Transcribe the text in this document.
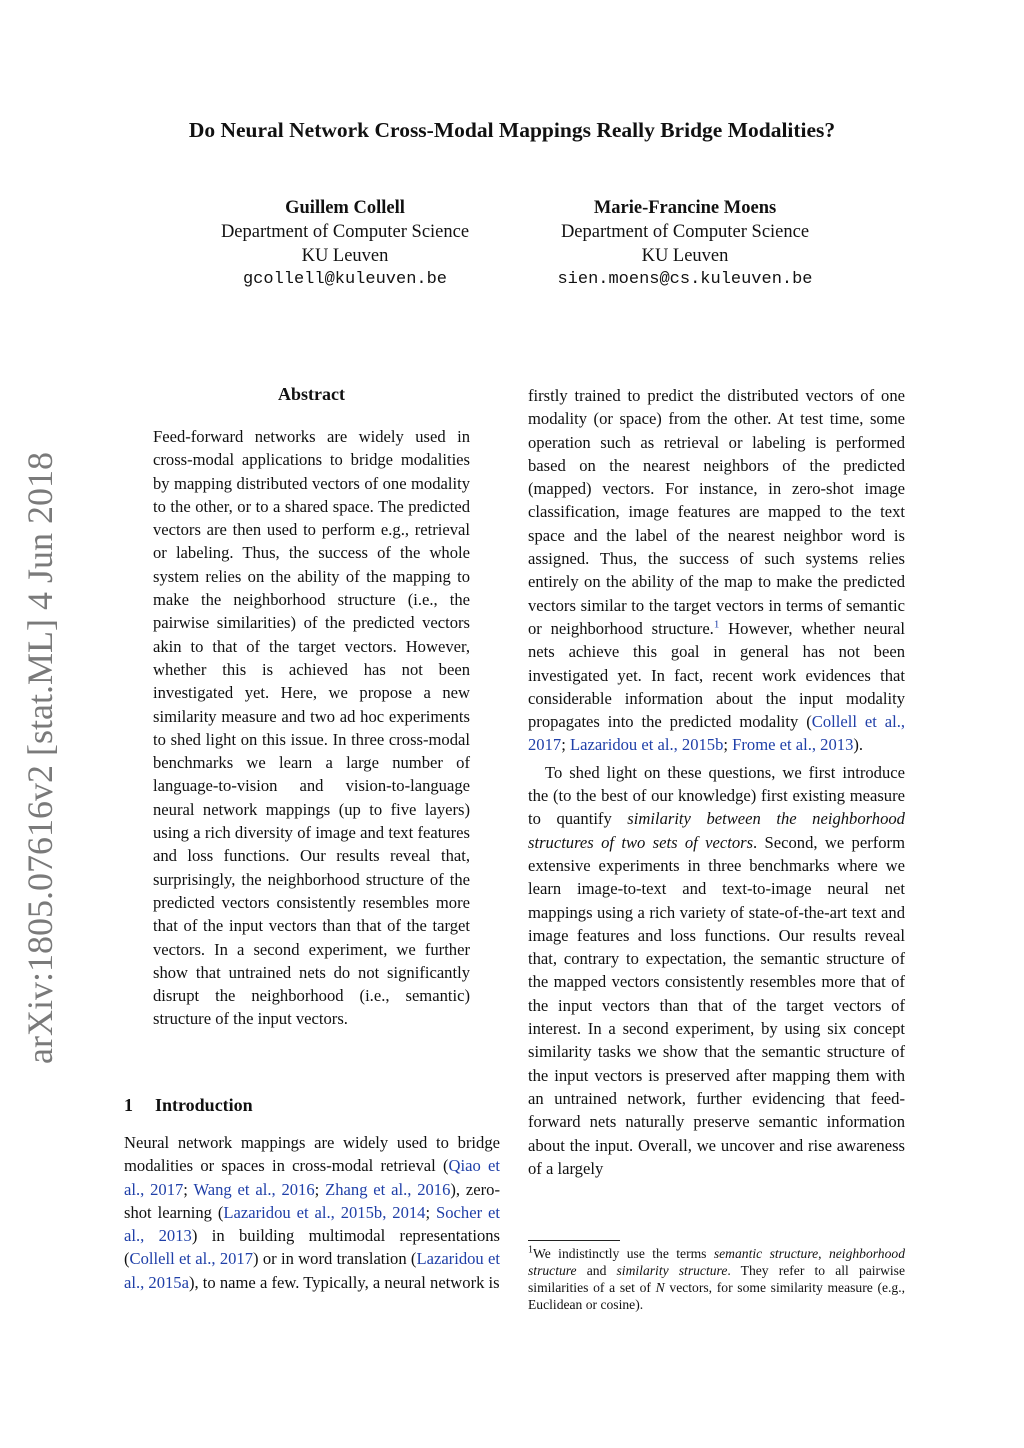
arXiv:1805.07616v2 [stat.ML] 4 Jun 2018
Do Neural Network Cross-Modal Mappings Really Bridge Modalities?
Guillem Collell
Department of Computer Science
KU Leuven
gcollell@kuleuven.be
Marie-Francine Moens
Department of Computer Science
KU Leuven
sien.moens@cs.kuleuven.be
Abstract

Feed-forward networks are widely used in cross-modal applications to bridge modalities by mapping distributed vectors of one modality to the other, or to a shared space. The predicted vectors are then used to perform e.g., retrieval or labeling. Thus, the success of the whole system relies on the ability of the mapping to make the neighborhood structure (i.e., the pairwise similarities) of the predicted vectors akin to that of the target vectors. However, whether this is achieved has not been investigated yet. Here, we propose a new similarity measure and two ad hoc experiments to shed light on this issue. In three cross-modal benchmarks we learn a large number of language-to-vision and vision-to-language neural network mappings (up to five layers) using a rich diversity of image and text features and loss functions. Our results reveal that, surprisingly, the neighborhood structure of the predicted vectors consistently resembles more that of the input vectors than that of the target vectors. In a second experiment, we further show that untrained nets do not significantly disrupt the neighborhood (i.e., semantic) structure of the input vectors.

1 Introduction

Neural network mappings are widely used to bridge modalities or spaces in cross-modal retrieval (Qiao et al., 2017; Wang et al., 2016; Zhang et al., 2016), zero-shot learning (Lazaridou et al., 2015b, 2014; Socher et al., 2013) in building multimodal representations (Collell et al., 2017) or in word translation (Lazaridou et al., 2015a), to name a few. Typically, a neural network is

firstly trained to predict the distributed vectors of one modality (or space) from the other. At test time, some operation such as retrieval or labeling is performed based on the nearest neighbors of the predicted (mapped) vectors. For instance, in zero-shot image classification, image features are mapped to the text space and the label of the nearest neighbor word is assigned. Thus, the success of such systems relies entirely on the ability of the map to make the predicted vectors similar to the target vectors in terms of semantic or neighborhood structure.$^1$ However, whether neural nets achieve this goal in general has not been investigated yet. In fact, recent work evidences that considerable information about the input modality propagates into the predicted modality (Collell et al., 2017; Lazaridou et al., 2015b; Frome et al., 2013).

To shed light on these questions, we first introduce the (to the best of our knowledge) first existing measure to quantify similarity between the neighborhood structures of two sets of vectors. Second, we perform extensive experiments in three benchmarks where we learn image-to-text and text-to-image neural net mappings using a rich variety of state-of-the-art text and image features and loss functions. Our results reveal that, contrary to expectation, the semantic structure of the mapped vectors consistently resembles more that of the input vectors than that of the target vectors of interest. In a second experiment, by using six concept similarity tasks we show that the semantic structure of the input vectors is preserved after mapping them with an untrained network, further evidencing that feed-forward nets naturally preserve semantic information about the input. Overall, we uncover and rise awareness of a largely

$^1$We indistinctly use the terms semantic structure, neighborhood structure and similarity structure. They refer to all pairwise similarities of a set of N vectors, for some similarity measure (e.g., Euclidean or cosine).
